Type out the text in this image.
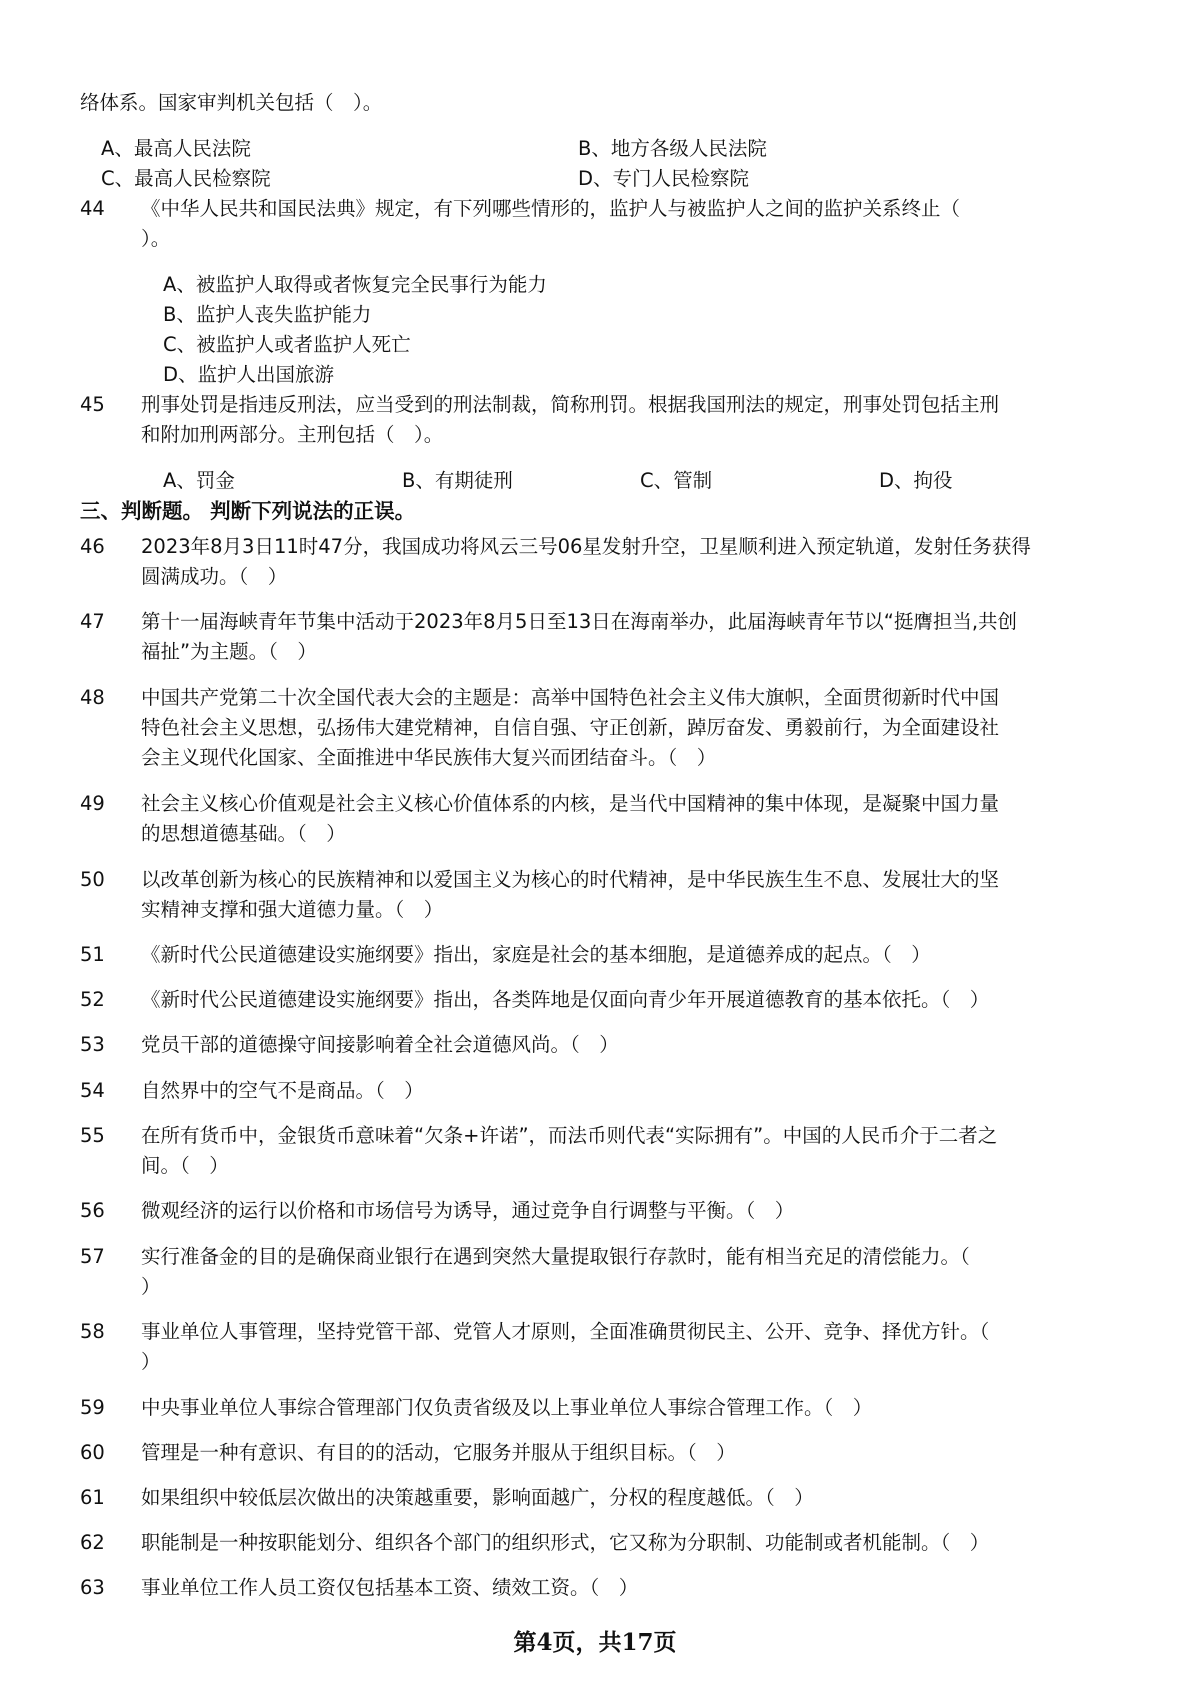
络体系。国家审判机关包括（　）。
A、最高人民法院	B、地方各级人民法院
C、最高人民检察院	D、专门人民检察院
44 《中华人民共和国民法典》规定，有下列哪些情形的，监护人与被监护人之间的监护关系终止（
）。
A、被监护人取得或者恢复完全民事行为能力
B、监护人丧失监护能力
C、被监护人或者监护人死亡
D、监护人出国旅游
45 刑事处罚是指违反刑法，应当受到的刑法制裁，简称刑罚。根据我国刑法的规定，刑事处罚包括主刑
和附加刑两部分。主刑包括（　）。
A、罚金	B、有期徒刑	C、管制	D、拘役
三、判断题。 判断下列说法的正误。
46 2023年8月3日11时47分，我国成功将风云三号06星发射升空，卫星顺利进入预定轨道，发射任务获得
圆满成功。（　）
47 第十一届海峡青年节集中活动于2023年8月5日至13日在海南举办，此届海峡青年节以“挺膺担当,共创
福扯”为主题。（　）
48 中国共产党第二十次全国代表大会的主题是：高举中国特色社会主义伟大旗帜，全面贯彻新时代中国
特色社会主义思想，弘扬伟大建党精神，自信自强、守正创新，踔厉奋发、勇毅前行，为全面建设社
会主义现代化国家、全面推进中华民族伟大复兴而团结奋斗。（　）
49 社会主义核心价值观是社会主义核心价值体系的内核，是当代中国精神的集中体现，是凝聚中国力量
的思想道德基础。（　）
50 以改革创新为核心的民族精神和以爱国主义为核心的时代精神，是中华民族生生不息、发展壮大的坚
实精神支撑和强大道德力量。（　）
51 《新时代公民道德建设实施纲要》指出，家庭是社会的基本细胞，是道德养成的起点。（　）
52 《新时代公民道德建设实施纲要》指出，各类阵地是仅面向青少年开展道德教育的基本依托。（　）
53 党员干部的道德操守间接影响着全社会道德风尚。（　）
54 自然界中的空气不是商品。（　）
55 在所有货币中，金银货币意味着“欠条+许诺”，而法币则代表“实际拥有”。中国的人民币介于二者之
间。（　）
56 微观经济的运行以价格和市场信号为诱导，通过竞争自行调整与平衡。（　）
57 实行准备金的目的是确保商业银行在遇到突然大量提取银行存款时，能有相当充足的清偿能力。（
）
58 事业单位人事管理，坚持党管干部、党管人才原则，全面准确贯彻民主、公开、竞争、择优方针。（
）
59 中央事业单位人事综合管理部门仅负责省级及以上事业单位人事综合管理工作。（　）
60 管理是一种有意识、有目的的活动，它服务并服从于组织目标。（　）
61 如果组织中较低层次做出的决策越重要，影响面越广，分权的程度越低。（　）
62 职能制是一种按职能划分、组织各个部门的组织形式，它又称为分职制、功能制或者机能制。（　）
63 事业单位工作人员工资仅包括基本工资、绩效工资。（　）
第4页，共17页
